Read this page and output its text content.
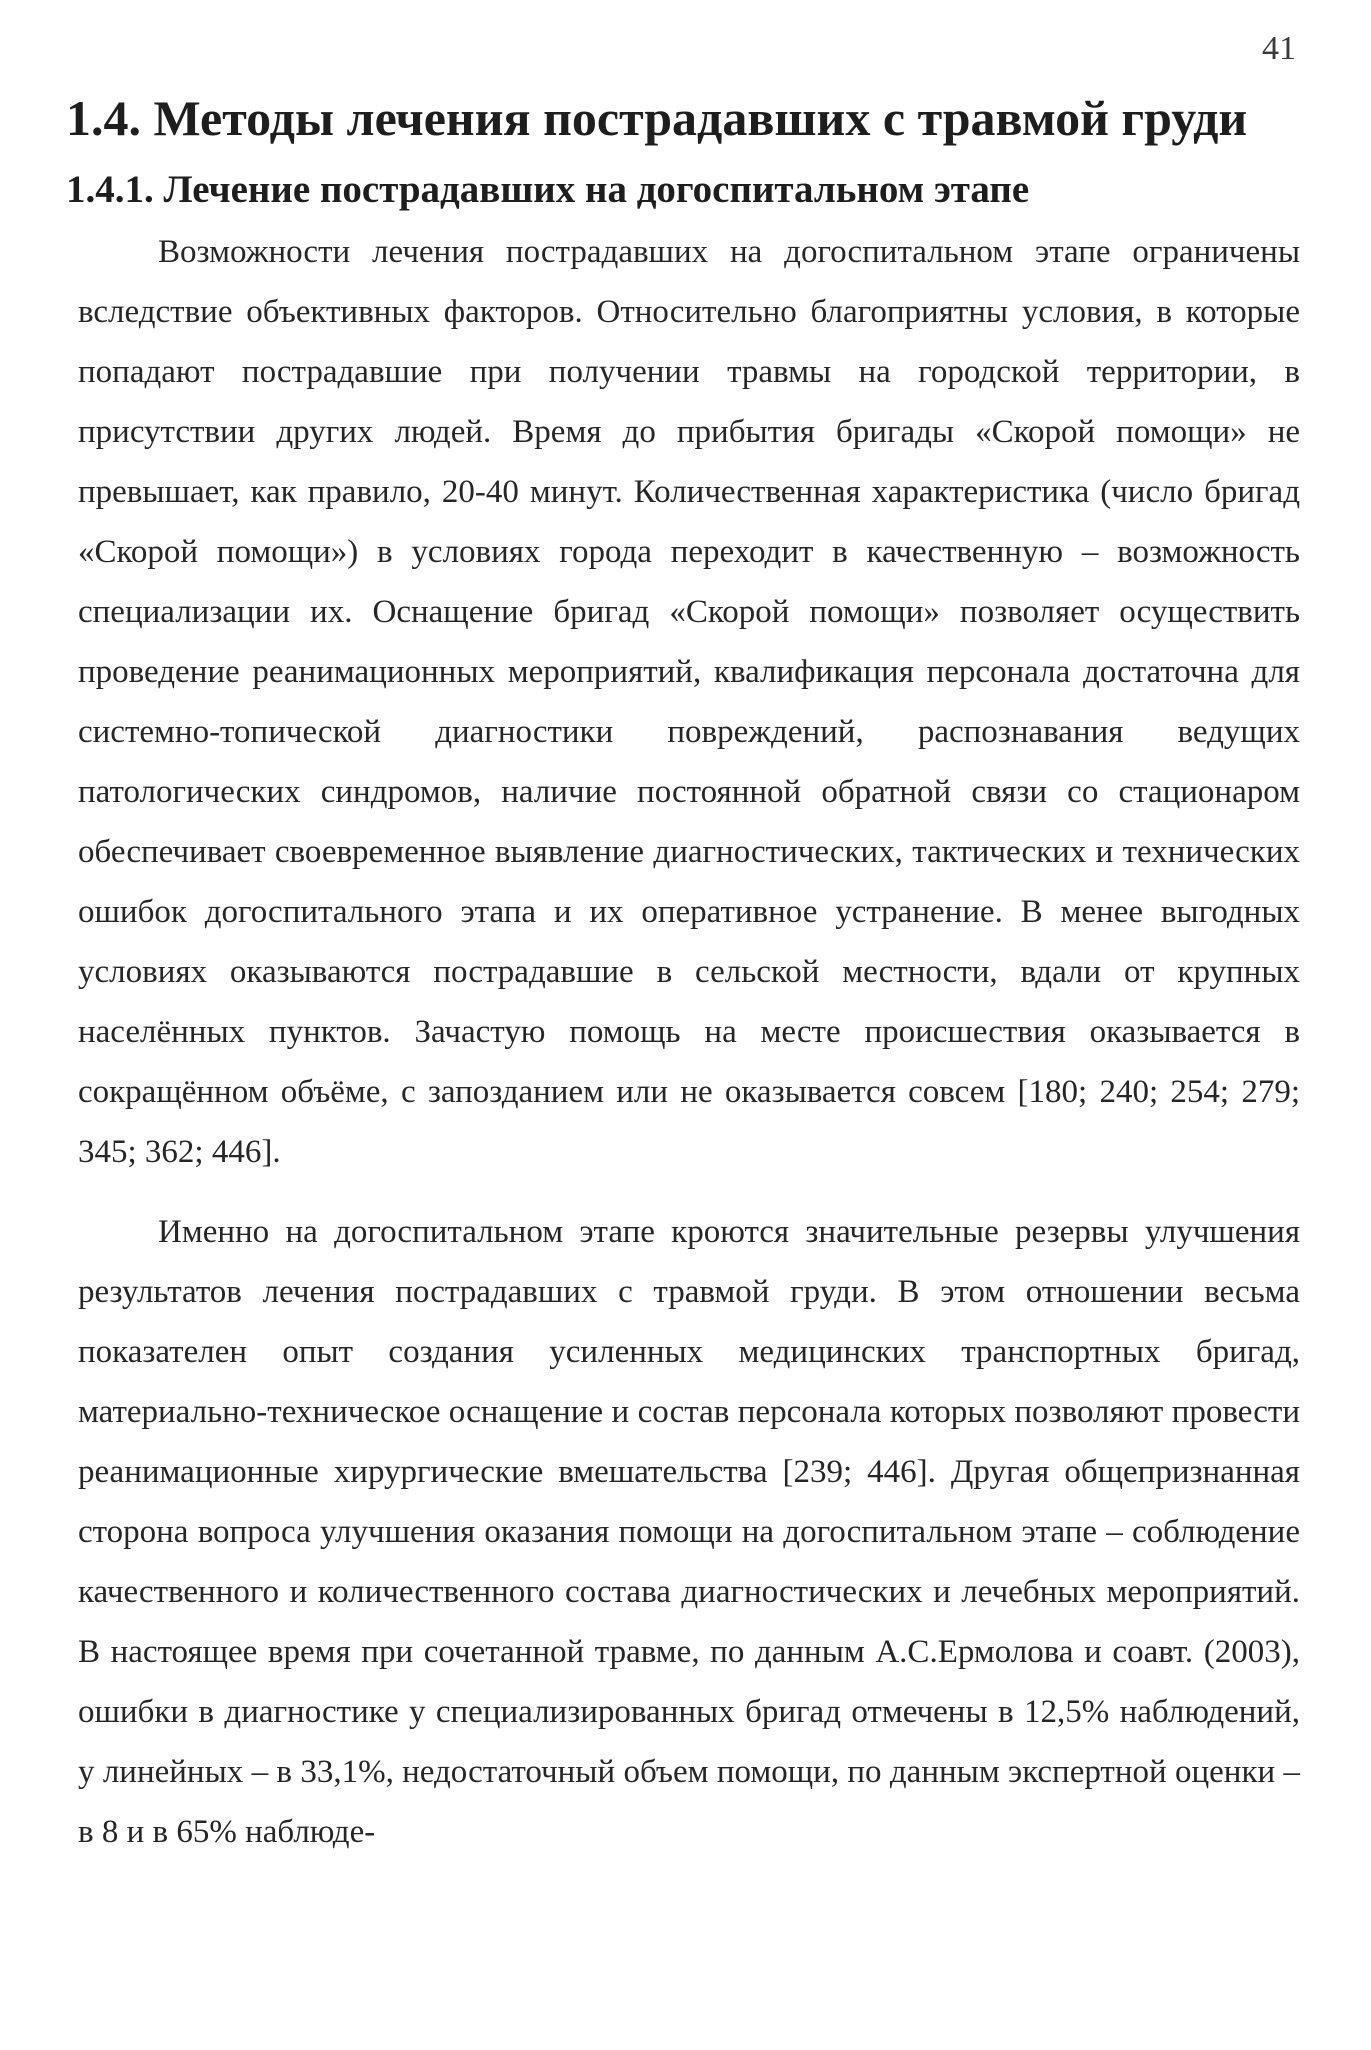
41
1.4. Методы лечения пострадавших с травмой груди
1.4.1. Лечение пострадавших на догоспитальном этапе

Возможности лечения пострадавших на догоспитальном этапе ограничены вследствие объективных факторов. Относительно благоприятны условия, в которые попадают пострадавшие при получении травмы на городской территории, в присутствии других людей. Время до прибытия бригады «Скорой помощи» не превышает, как правило, 20-40 минут. Количественная характеристика (число бригад «Скорой помощи») в условиях города переходит в качественную – возможность специализации их. Оснащение бригад «Скорой помощи» позволяет осуществить проведение реанимационных мероприятий, квалификация персонала достаточна для системно-топической диагностики повреждений, распознавания ведущих патологических синдромов, наличие постоянной обратной связи со стационаром обеспечивает своевременное выявление диагностических, тактических и технических ошибок догоспитального этапа и их оперативное устранение. В менее выгодных условиях оказываются пострадавшие в сельской местности, вдали от крупных населённых пунктов. Зачастую помощь на месте происшествия оказывается в сокращённом объёме, с запозданием или не оказывается совсем [180; 240; 254; 279; 345; 362; 446].

Именно на догоспитальном этапе кроются значительные резервы улучшения результатов лечения пострадавших с травмой груди. В этом отношении весьма показателен опыт создания усиленных медицинских транспортных бригад, материально-техническое оснащение и состав персонала которых позволяют провести реанимационные хирургические вмешательства [239; 446]. Другая общепризнанная сторона вопроса улучшения оказания помощи на догоспитальном этапе – соблюдение качественного и количественного состава диагностических и лечебных мероприятий. В настоящее время при сочетанной травме, по данным А.С.Ермолова и соавт. (2003), ошибки в диагностике у специализированных бригад отмечены в 12,5% наблюдений, у линейных – в 33,1%, недостаточный объем помощи, по данным экспертной оценки – в 8 и в 65% наблюде-
